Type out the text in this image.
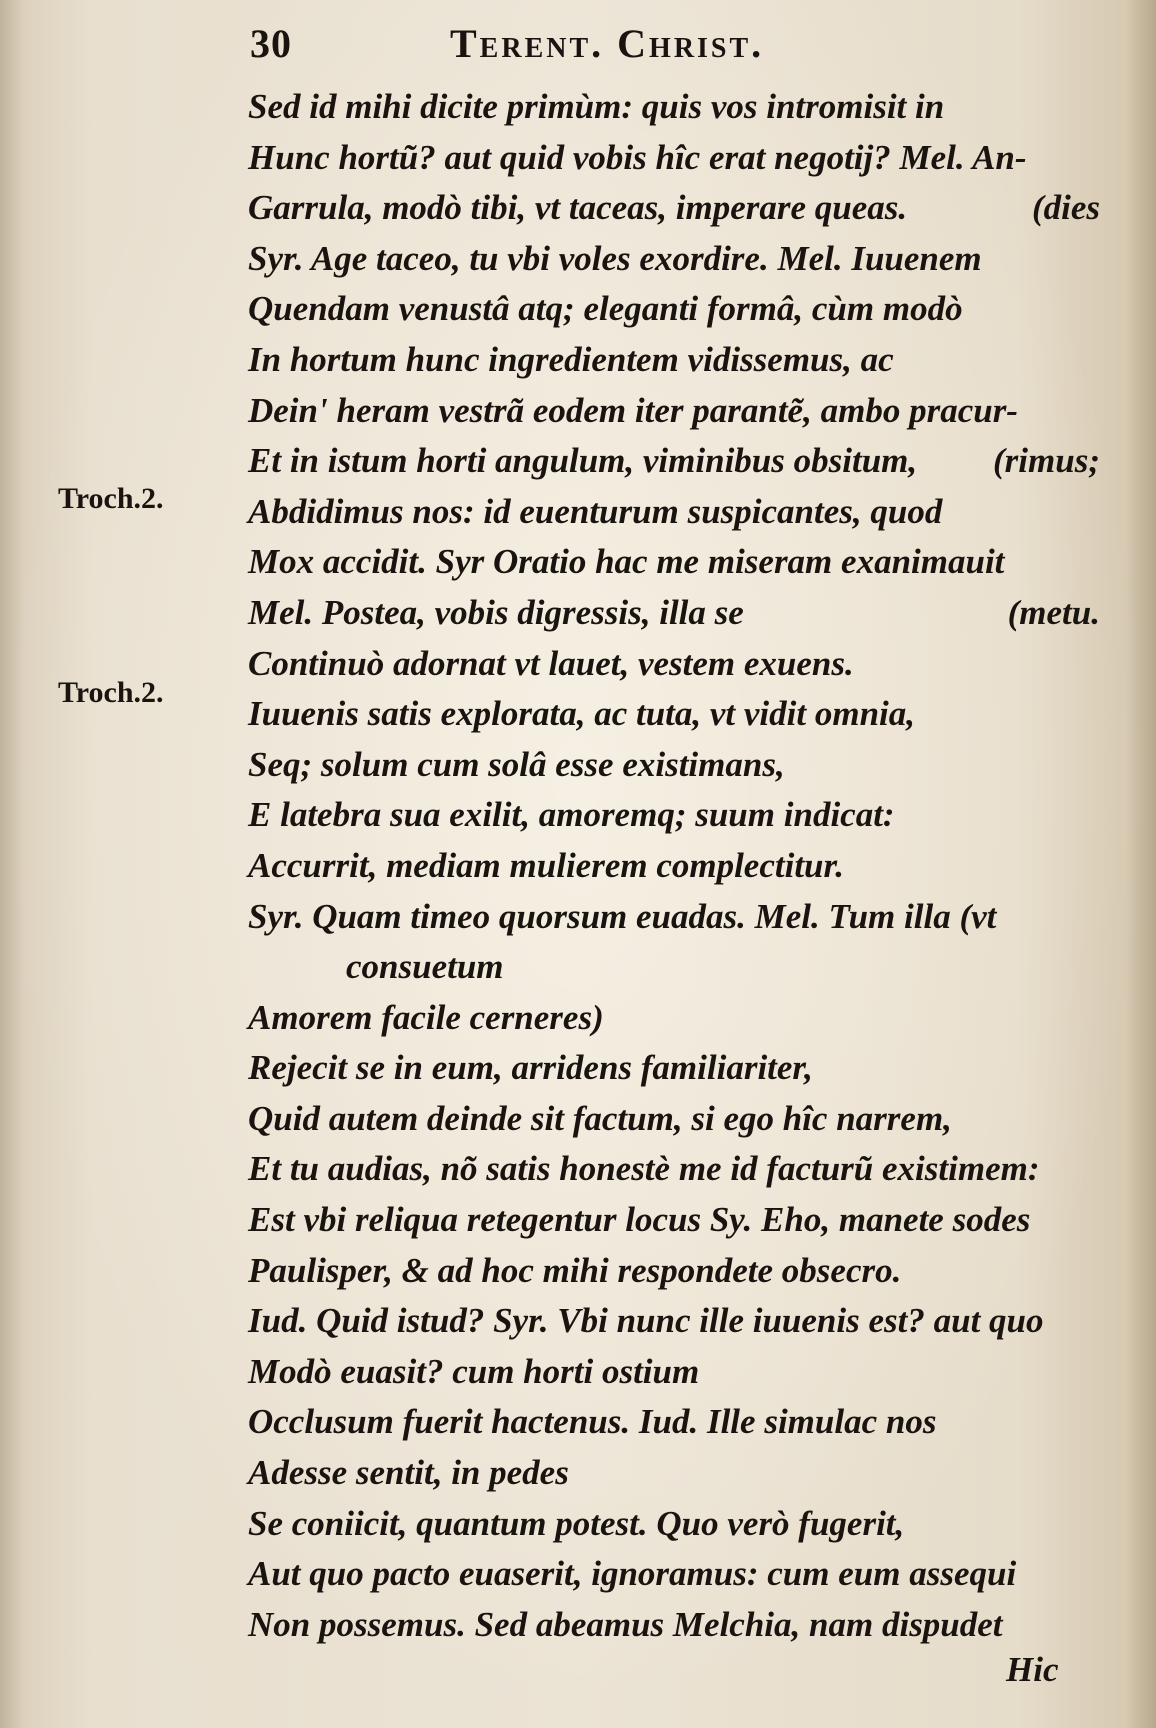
30	Terent. Christ.
Troch.2.
Troch.2.
Sed id mihi dicite primùm: quis vos intromisit in
Hunc hortũ? aut quid vobis hîc erat negotij? Mel. An-
Garrula, modò tibi, vt taceas, imperare queas.	(dies
Syr. Age taceo, tu vbi voles exordire. Mel. Iuuenem
Quendam venustâ atq; eleganti formâ, cùm modò
In hortum hunc ingredientem vidissemus, ac
Dein' heram vestrã eodem iter parantẽ, ambo pracur-
Et in istum horti angulum, viminibus obsitum, (rimus;
Abdidimus nos: id euenturum suspicantes, quod
Mox accidit. Syr Oratio hac me miseram exanimauit
Mel. Postea, vobis digressis, illa se	(metu.
Continuò adornat vt lauet, vestem exuens.
Iuuenis satis explorata, ac tuta, vt vidit omnia,
Seq; solum cum solâ esse existimans,
E latebra sua exilit, amoremq; suum indicat:
Accurrit, mediam mulierem complectitur.
Syr. Quam timeo quorsum euadas. Mel. Tum illa (vt
consuetum
Amorem facile cerneres)
Rejecit se in eum, arridens familiariter,
Quid autem deinde sit factum, si ego hîc narrem,
Et tu audias, nõ satis honestè me id facturũ existimem:
Est vbi reliqua retegentur locus Sy. Eho, manete sodes
Paulisper, & ad hoc mihi respondete obsecro.
Iud. Quid istud? Syr. Vbi nunc ille iuuenis est? aut quo
Modò euasit? cum horti ostium
Occlusum fuerit hactenus. Iud. Ille simulac nos
Adesse sentit, in pedes
Se coniicit, quantum potest. Quo verò fugerit,
Aut quo pacto euaserit, ignoramus: cum eum assequi
Non possemus. Sed abeamus Melchia, nam dispudet
Hic
